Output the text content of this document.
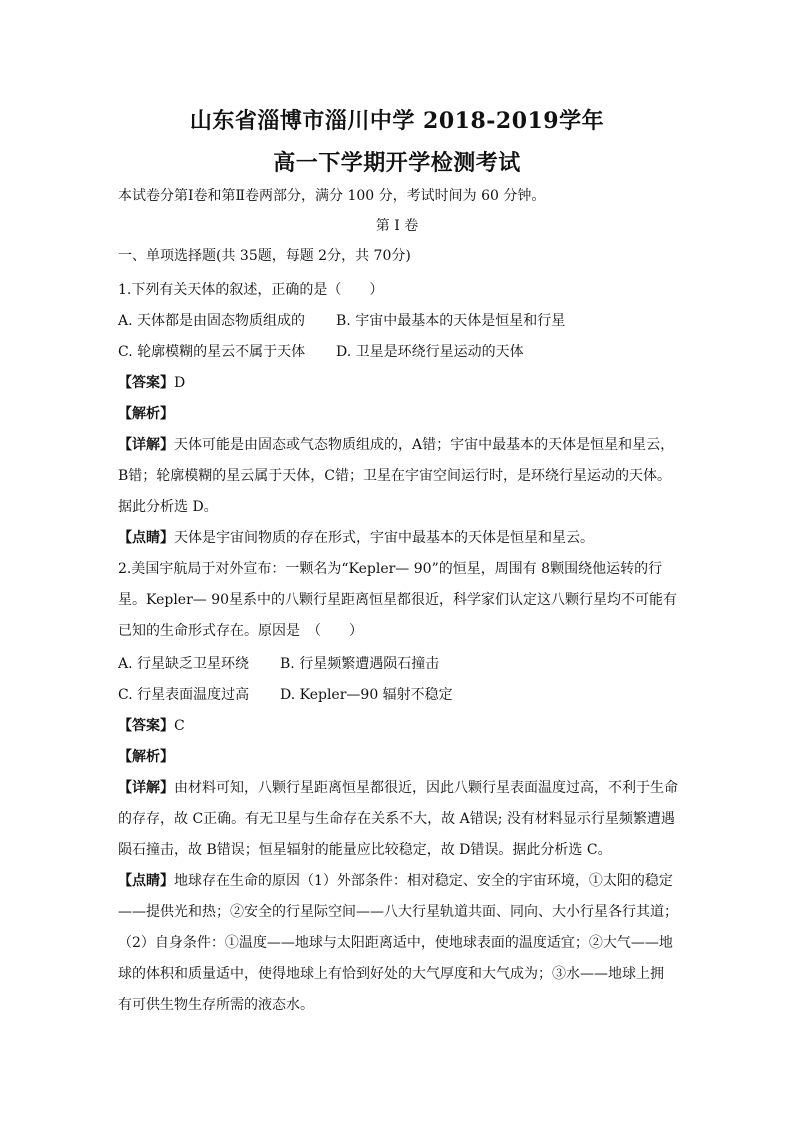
山东省淄博市淄川中学 2018-2019学年
高一下学期开学检测考试
本试卷分第Ⅰ卷和第Ⅱ卷两部分，满分 100 分，考试时间为 60 分钟。
第 I 卷
一、单项选择题(共 35题，每题 2分，共 70分)
1.下列有关天体的叙述，正确的是（　　）
A. 天体都是由固态物质组成的 B. 宇宙中最基本的天体是恒星和行星
C. 轮廓模糊的星云不属于天体 D. 卫星是环绕行星运动的天体
【答案】D
【解析】
【详解】天体可能是由固态或气态物质组成的，A错；宇宙中最基本的天体是恒星和星云，
B错；轮廓模糊的星云属于天体，C错；卫星在宇宙空间运行时，是环绕行星运动的天体。
据此分析选 D。
【点睛】天体是宇宙间物质的存在形式，宇宙中最基本的天体是恒星和星云。
2.美国宇航局于对外宣布：一颗名为“Kepler— 90”的恒星，周围有 8颗围绕他运转的行
星。Kepler— 90星系中的八颗行星距离恒星都很近，科学家们认定这八颗行星均不可能有
已知的生命形式存在。原因是　（　　）
A. 行星缺乏卫星环绕 B. 行星频繁遭遇陨石撞击
C. 行星表面温度过高 D. Kepler—90 辐射不稳定
【答案】C
【解析】
【详解】由材料可知，八颗行星距离恒星都很近，因此八颗行星表面温度过高，不利于生命
的存存，故 C正确。有无卫星与生命存在关系不大，故 A错误; 没有材料显示行星频繁遭遇
陨石撞击，故 B错误；恒星辐射的能量应比较稳定，故 D错误。据此分析选 C。
【点睛】地球存在生命的原因（1）外部条件：相对稳定、安全的宇宙环境，①太阳的稳定
——提供光和热；②安全的行星际空间——八大行星轨道共面、同向、大小行星各行其道；
（2）自身条件：①温度——地球与太阳距离适中，使地球表面的温度适宜；②大气——地
球的体积和质量适中，使得地球上有恰到好处的大气厚度和大气成为；③水——地球上拥
有可供生物生存所需的液态水。
